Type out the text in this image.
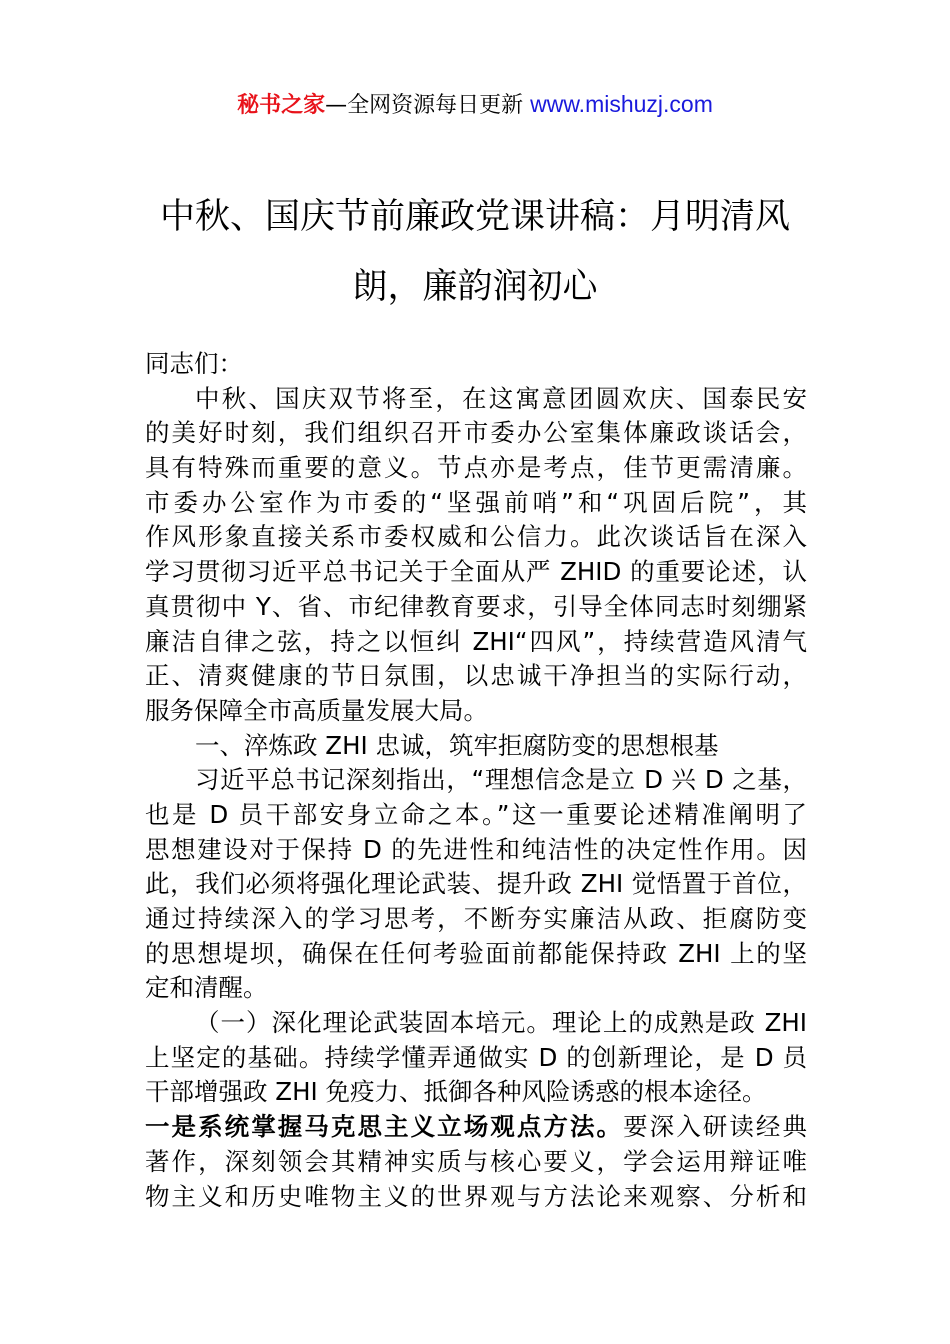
秘书之家—全网资源每日更新 www.mishuzj.com
中秋、国庆节前廉政党课讲稿：月明清风
朗，廉韵润初心
同志们：
中秋、国庆双节将至，在这寓意团圆欢庆、国泰民安
的美好时刻，我们组织召开市委办公室集体廉政谈话会，
具有特殊而重要的意义。节点亦是考点，佳节更需清廉。
市委办公室作为市委的“坚强前哨”和“巩固后院”，其
作风形象直接关系市委权威和公信力。此次谈话旨在深入
学习贯彻习近平总书记关于全面从严 ZHID 的重要论述，认
真贯彻中 Y、省、市纪律教育要求，引导全体同志时刻绷紧
廉洁自律之弦，持之以恒纠 ZHI“四风”，持续营造风清气
正、清爽健康的节日氛围，以忠诚干净担当的实际行动，
服务保障全市高质量发展大局。
一、淬炼政 ZHI 忠诚，筑牢拒腐防变的思想根基
习近平总书记深刻指出，“理想信念是立 D 兴 D 之基，
也是 D 员干部安身立命之本。”这一重要论述精准阐明了
思想建设对于保持 D 的先进性和纯洁性的决定性作用。因
此，我们必须将强化理论武装、提升政 ZHI 觉悟置于首位，
通过持续深入的学习思考，不断夯实廉洁从政、拒腐防变
的思想堤坝，确保在任何考验面前都能保持政 ZHI 上的坚
定和清醒。
（一）深化理论武装固本培元。理论上的成熟是政 ZHI
上坚定的基础。持续学懂弄通做实 D 的创新理论，是 D 员
干部增强政 ZHI 免疫力、抵御各种风险诱惑的根本途径。
一是系统掌握马克思主义立场观点方法。要深入研读经典
著作，深刻领会其精神实质与核心要义，学会运用辩证唯
物主义和历史唯物主义的世界观与方法论来观察、分析和
